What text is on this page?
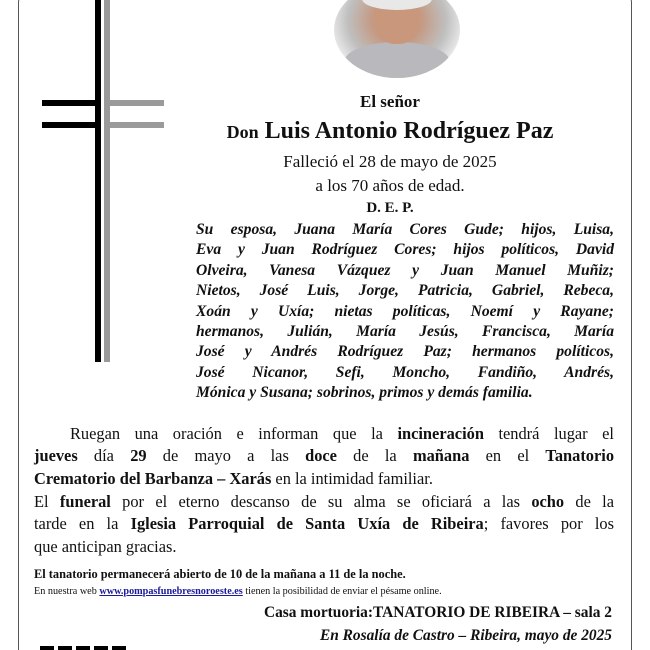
El señor
Don Luis Antonio Rodríguez Paz
Falleció el 28 de mayo de 2025
a los 70 años de edad.
D. E. P.
Su esposa, Juana María Cores Gude; hijos, Luisa,
Eva y Juan Rodríguez Cores; hijos políticos, David
Olveira, Vanesa Vázquez y Juan Manuel Muñiz;
Nietos, José Luis, Jorge, Patricia, Gabriel, Rebeca,
Xoán y Uxía; nietas políticas, Noemí y Rayane;
hermanos, Julián, María Jesús, Francisca, María
José y Andrés Rodríguez Paz; hermanos políticos,
José Nicanor, Sefi, Moncho, Fandiño, Andrés,
Mónica y Susana; sobrinos, primos y demás familia.
Ruegan una oración e informan que la incineración tendrá lugar el
jueves día 29 de mayo a las doce de la mañana en el Tanatorio
Crematorio del Barbanza – Xarás en la intimidad familiar.
El funeral por el eterno descanso de su alma se oficiará a las ocho de la
tarde en la Iglesia Parroquial de Santa Uxía de Ribeira; favores por los
que anticipan gracias.
El tanatorio permanecerá abierto de 10 de la mañana a 11 de la noche.
En nuestra web www.pompasfunebresnoroeste.es tienen la posibilidad de enviar el pésame online.
Casa mortuoria:TANATORIO DE RIBEIRA – sala 2
En Rosalía de Castro – Ribeira, mayo de 2025
